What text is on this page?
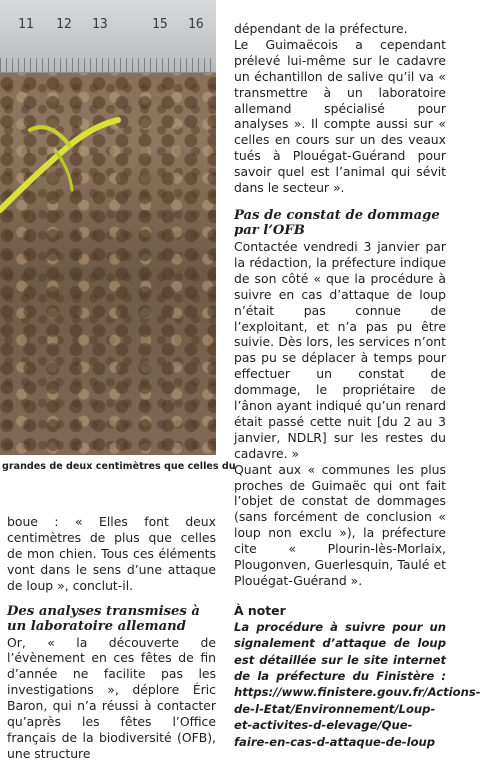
11 12 13	15 16
grandes de deux centimètres que celles du

boue : « Elles font deux centimètres de plus que celles de mon chien. Tous ces éléments vont dans le sens d’une attaque de loup », conclut-il.

Des analyses transmises à un laboratoire allemand

Or, « la découverte de l’évènement en ces fêtes de fin d’année ne facilite pas les investigations », déplore Éric Baron, qui n’a réussi à contacter qu’après les fêtes l’Office français de la biodiversité (OFB), une structure

dépendant de la préfecture.

Le Guimaëcois a cependant prélevé lui-même sur le cadavre un échantillon de salive qu’il va « transmettre à un laboratoire allemand spécialisé pour analyses ». Il compte aussi sur « celles en cours sur un des veaux tués à Plouégat-Guérand pour savoir quel est l’animal qui sévit dans le secteur ».

Pas de constat de dommage par l’OFB

Contactée vendredi 3 janvier par la rédaction, la préfecture indique de son côté « que la procédure à suivre en cas d’attaque de loup n’était pas connue de l’exploitant, et n’a pas pu être suivie. Dès lors, les services n’ont pas pu se déplacer à temps pour effectuer un constat de dommage, le propriétaire de l’ânon ayant indiqué qu’un renard était passé cette nuit [du 2 au 3 janvier, NDLR] sur les restes du cadavre. »

Quant aux « communes les plus proches de Guimaëc qui ont fait l’objet de constat de dommages (sans forcément de conclusion « loup non exclu »), la préfecture cite « Plourin-lès-Morlaix, Plougonven, Guerlesquin, Taulé et Plouégat-Guérand ».

À noter

La procédure à suivre pour un signalement d’attaque de loup est détaillée sur le site internet de la préfecture du Finistère : https://www.finistere.gouv.fr/Actions-de-l-Etat/Environnement/Loup-et-activites-d-elevage/Que-faire-en-cas-d-attaque-de-loup
